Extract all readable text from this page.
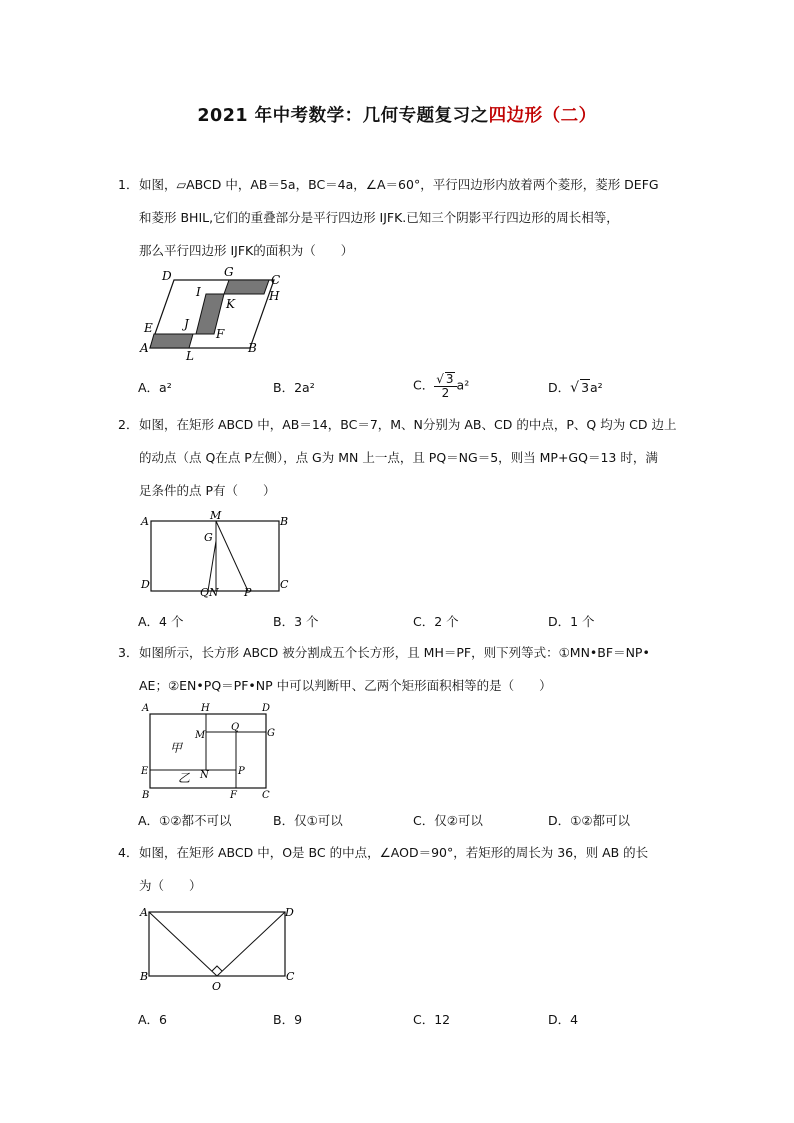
2021 年中考数学：几何专题复习之四边形（二）
1．如图，▱ABCD 中，AB＝5a，BC＝4a，∠A＝60°，平行四边形内放着两个菱形，菱形 DEFG
和菱形 BHIL,它们的重叠部分是平行四边形 IJFK.已知三个阴影平行四边形的周长相等，
那么平行四边形 IJFK的面积为（　　）
D	G
C
H
I
K
J
F
E
A
L
B
A．a²	B．2a²	C． $\frac{√ 3}{2}a^2$	D．√ 3a²
2．如图，在矩形 ABCD 中，AB＝14，BC＝7，M、N分别为 AB、CD 的中点，P、Q 均为 CD 边上
的动点（点 Q在点 P左侧），点 G为 MN 上一点，且 PQ＝NG＝5，则当 MP+GQ＝13 时，满
足条件的点 P有（　　）
A	M	B
G
D
QN P
C
A．4 个	B．3 个	C．2 个	D．1 个
3．如图所示，长方形 ABCD 被分割成五个长方形，且 MH＝PF，则下列等式：①MN•BF＝NP•
AE；②EN•PQ＝PF•NP 中可以判断甲、乙两个矩形面积相等的是（　　）
A	H	D
Q
M	G
甲
E	N
乙	P
B	F	C
A．①②都不可以	B．仅①可以	C．仅②可以	D．①②都可以
4．如图，在矩形 ABCD 中，O是 BC 的中点，∠AOD＝90°，若矩形的周长为 36，则 AB 的长
为（　　）
A	D
B
O
C
A．6	B．9	C．12	D．4
